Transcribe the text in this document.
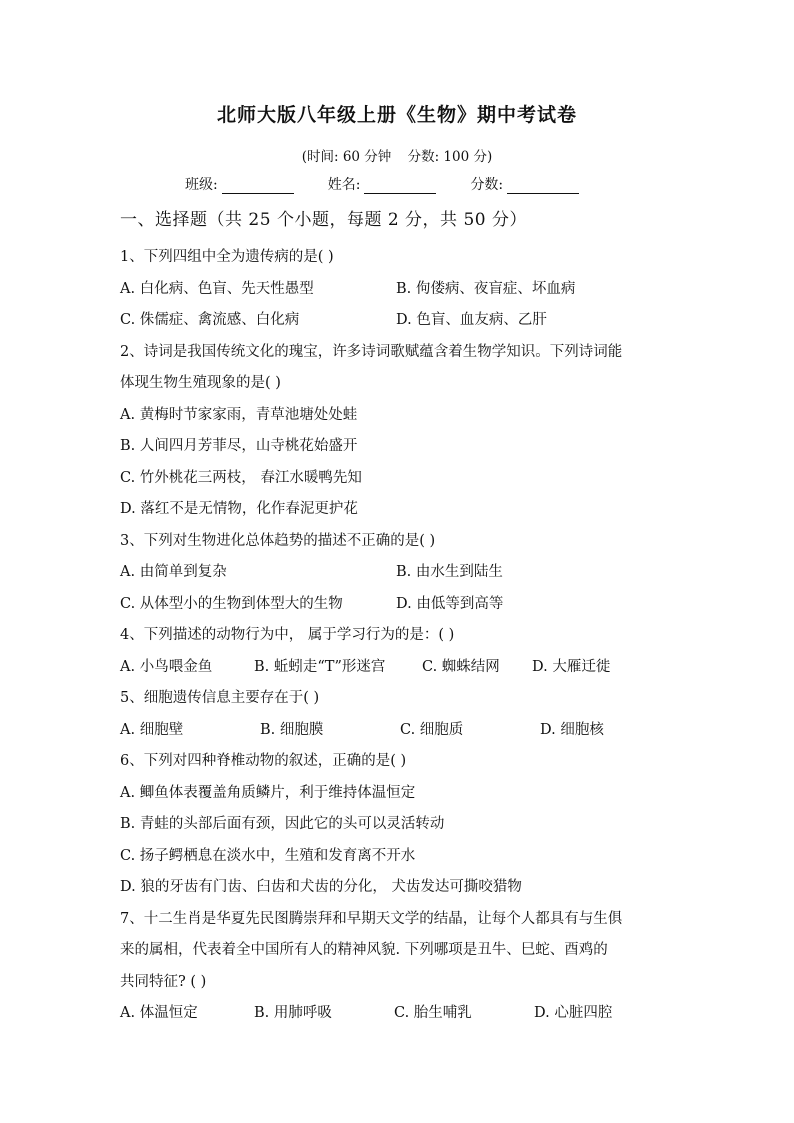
北师大版八年级上册《生物》期中考试卷
(时间: 60 分钟 分数: 100 分)
班级:	姓名:	分数:
一、选择题（共 25 个小题，每题 2 分，共 50 分）
1、下列四组中全为遗传病的是( )
A. 白化病、色盲、先天性愚型	B. 佝偻病、夜盲症、坏血病
C. 侏儒症、禽流感、白化病	D. 色盲、血友病、乙肝
2、诗词是我国传统文化的瑰宝，许多诗词歌赋蕴含着生物学知识。下列诗词能
体现生物生殖现象的是( )
A. 黄梅时节家家雨，青草池塘处处蛙
B. 人间四月芳菲尽，山寺桃花始盛开
C. 竹外桃花三两枝， 春江水暖鸭先知
D. 落红不是无情物，化作春泥更护花
3、下列对生物进化总体趋势的描述不正确的是( )
A. 由简单到复杂	B. 由水生到陆生
C. 从体型小的生物到体型大的生物	D. 由低等到高等
4、下列描述的动物行为中， 属于学习行为的是：( )
A. 小鸟喂金鱼	B. 蚯蚓走“T”形迷宫	C. 蜘蛛结网	D. 大雁迁徙
5、细胞遗传信息主要存在于( )
A. 细胞壁	B. 细胞膜	C. 细胞质	D. 细胞核
6、下列对四种脊椎动物的叙述，正确的是( )
A. 鲫鱼体表覆盖角质鳞片，利于维持体温恒定
B. 青蛙的头部后面有颈，因此它的头可以灵活转动
C. 扬子鳄栖息在淡水中，生殖和发育离不开水
D. 狼的牙齿有门齿、臼齿和犬齿的分化， 犬齿发达可撕咬猎物
7、十二生肖是华夏先民图腾崇拜和早期天文学的结晶，让每个人都具有与生俱
来的属相，代表着全中国所有人的精神风貌. 下列哪项是丑牛、巳蛇、酉鸡的
共同特征? ( )
A. 体温恒定	B. 用肺呼吸	C. 胎生哺乳	D. 心脏四腔
